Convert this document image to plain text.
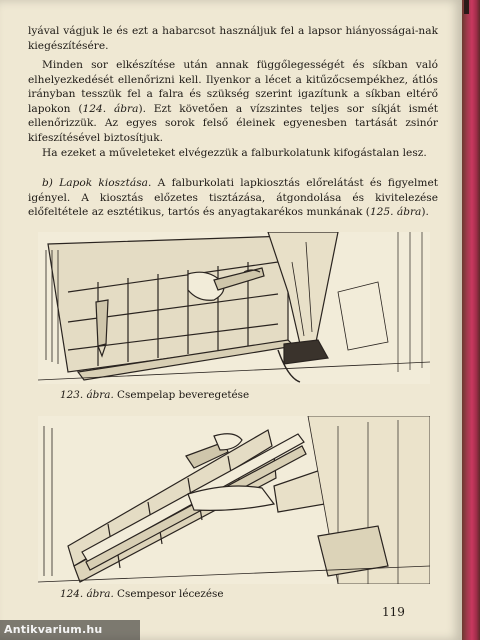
lyával vágjuk le és ezt a habarcsot használjuk fel a lapsor hiányosságai-nak kiegészítésére.

Minden sor elkészítése után annak függőlegességét és síkban való elhelyezkedését ellenőrizni kell. Ilyenkor a lécet a kitűzőcsempékhez, átlós irányban tesszük fel a falra és szükség szerint igazítunk a síkban eltérő lapokon (124. ábra). Ezt követően a vízszintes teljes sor síkját ismét ellenőrizzük. Az egyes sorok felső éleinek egyenesben tartását zsinór kifeszítésével biztosítjuk.

Ha ezeket a műveleteket elvégezzük a falburkolatunk kifogástalan lesz.

b) Lapok kiosztása. A falburkolati lapkiosztás előrelátást és figyelmet igényel. A kiosztás előzetes tisztázása, átgondolása és kivitelezése előfeltétele az esztétikus, tartós és anyagtakarékos munkának (125. ábra).

123. ábra. Csempelap beveregetése
124. ábra. Csempesor lécezése
119
Antikvarium.hu
